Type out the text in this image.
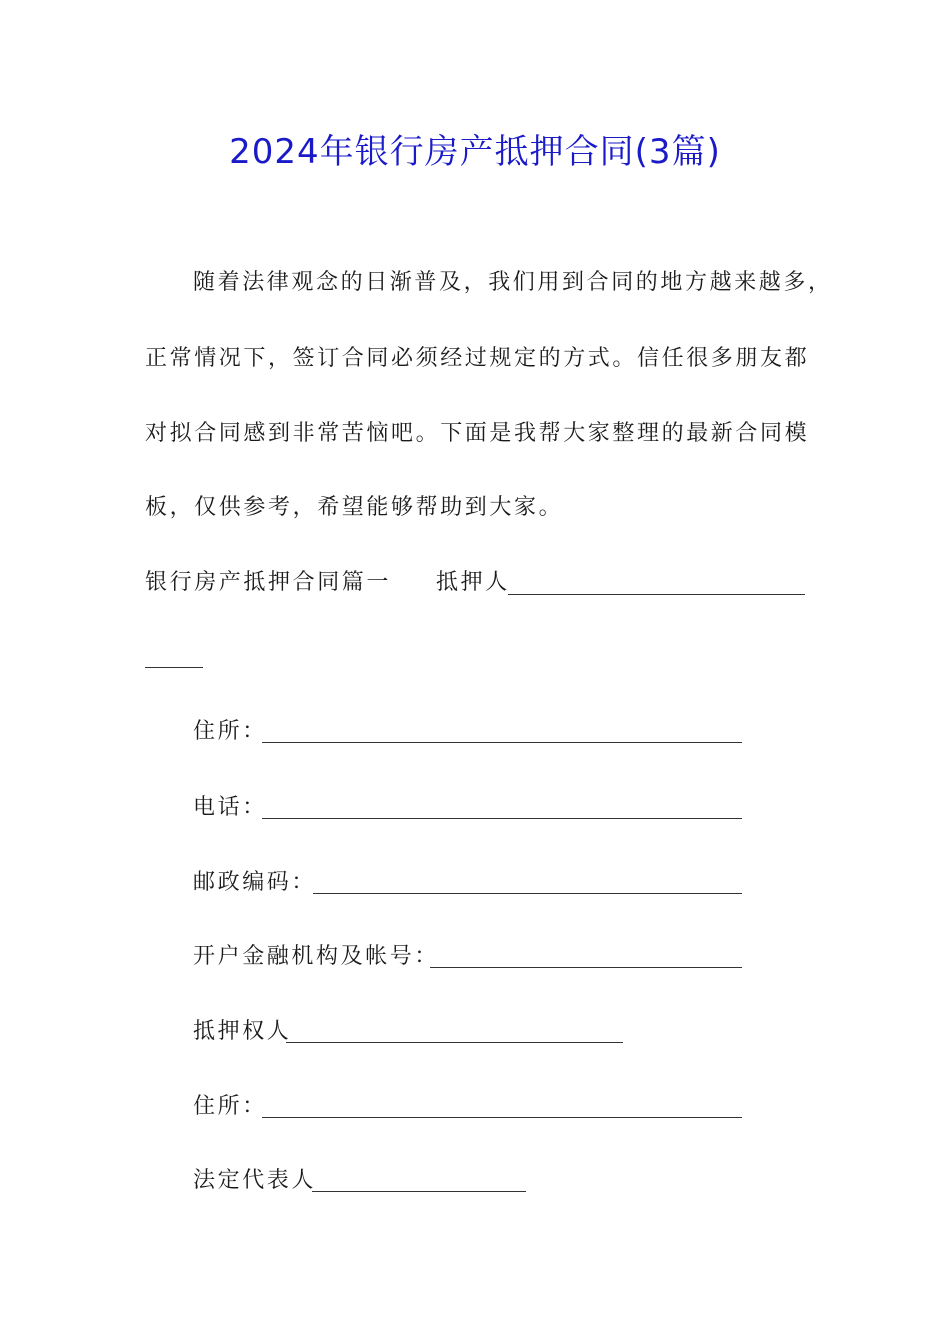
2024年银行房产抵押合同(3篇)
随着法律观念的日渐普及，我们用到合同的地方越来越多，
正常情况下，签订合同必须经过规定的方式。信任很多朋友都
对拟合同感到非常苦恼吧。下面是我帮大家整理的最新合同模
板，仅供参考，希望能够帮助到大家。
银行房产抵押合同篇一 抵押人
住所：
电话：
邮政编码：
开户金融机构及帐号：
抵押权人
住所：
法定代表人
